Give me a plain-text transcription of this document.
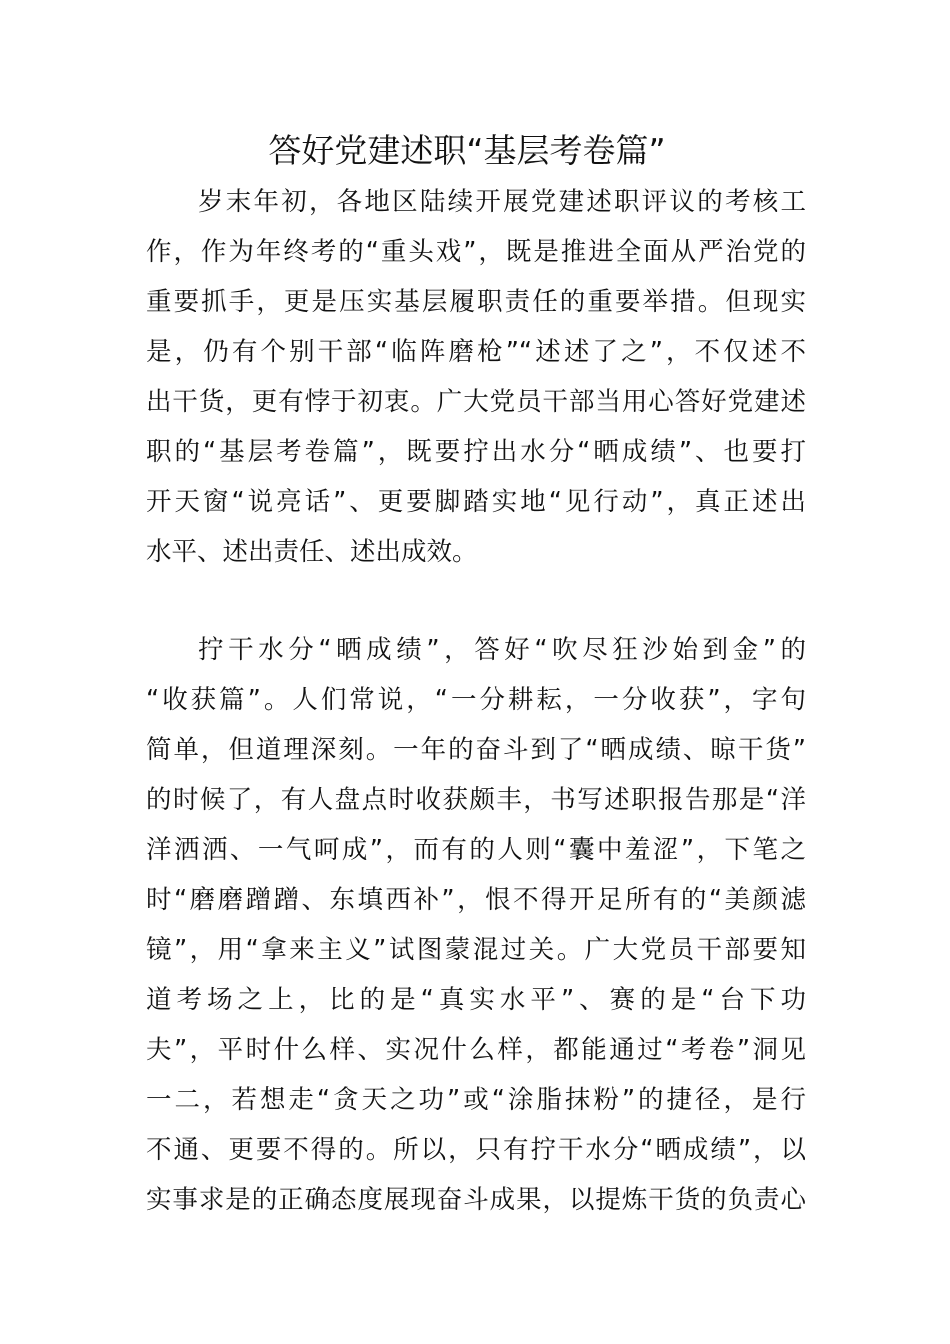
答好党建述职“基层考卷篇”
岁末年初，各地区陆续开展党建述职评议的考核工
作，作为年终考的“重头戏”，既是推进全面从严治党的
重要抓手，更是压实基层履职责任的重要举措。但现实
是，仍有个别干部“临阵磨枪”“述述了之”，不仅述不
出干货，更有悖于初衷。广大党员干部当用心答好党建述
职的“基层考卷篇”，既要拧出水分“晒成绩”、也要打
开天窗“说亮话”、更要脚踏实地“见行动”，真正述出
水平、述出责任、述出成效。
拧干水分“晒成绩”，答好“吹尽狂沙始到金”的
“收获篇”。人们常说，“一分耕耘，一分收获”，字句
简单，但道理深刻。一年的奋斗到了“晒成绩、晾干货”
的时候了，有人盘点时收获颇丰，书写述职报告那是“洋
洋洒洒、一气呵成”，而有的人则“囊中羞涩”，下笔之
时“磨磨蹭蹭、东填西补”，恨不得开足所有的“美颜滤
镜”，用“拿来主义”试图蒙混过关。广大党员干部要知
道考场之上，比的是“真实水平”、赛的是“台下功
夫”，平时什么样、实况什么样，都能通过“考卷”洞见
一二，若想走“贪天之功”或“涂脂抹粉”的捷径，是行
不通、更要不得的。所以，只有拧干水分“晒成绩”，以
实事求是的正确态度展现奋斗成果，以提炼干货的负责心
